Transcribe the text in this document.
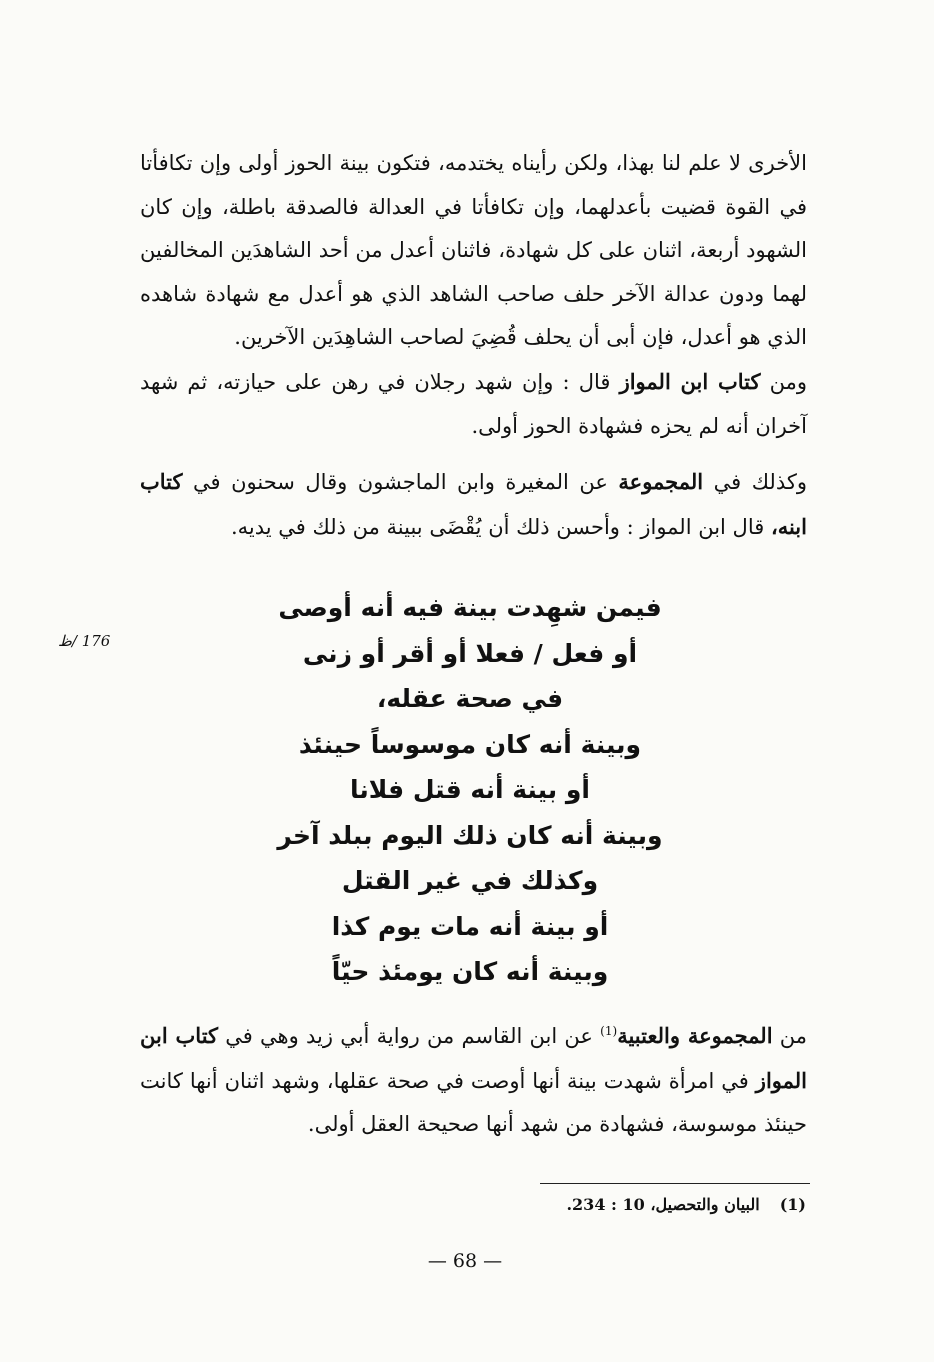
الأخرى لا علم لنا بهذا، ولكن رأيناه يختدمه، فتكون بينة الحوز أولى وإن تكافأتا في القوة قضيت بأعدلهما، وإن تكافأتا في العدالة فالصدقة باطلة، وإن كان الشهود أربعة، اثنان على كل شهادة، فاثنان أعدل من أحد الشاهدَين المخالفين لهما ودون عدالة الآخر حلف صاحب الشاهد الذي هو أعدل مع شهادة شاهده الذي هو أعدل، فإن أبى أن يحلف قُضِيَ لصاحب الشاهِدَين الآخرين.

ومن كتاب ابن المواز قال : وإن شهد رجلان في رهن على حيازته، ثم شهد آخران أنه لم يحزه فشهادة الحوز أولى.

وكذلك في المجموعة عن المغيرة وابن الماجشون وقال سحنون في كتاب ابنه، قال ابن المواز : وأحسن ذلك أن يُقْضَى ببينة من ذلك في يديه.

فيمن شهِدت بينة فيه أنه أوصى
أو فعل / فعلا أو أقر أو زنى
في صحة عقله،
وبينة أنه كان موسوساً حينئذ
أو بينة أنه قتل فلانا
وبينة أنه كان ذلك اليوم ببلد آخر
وكذلك في غير القتل
أو بينة أنه مات يوم كذا
وبينة أنه كان يومئذ حيّاً
176 /ظ

من المجموعة والعتبية$^{(1)}$ عن ابن القاسم من رواية أبي زيد وهي في كتاب ابن المواز في امرأة شهدت بينة أنها أوصت في صحة عقلها، وشهد اثنان أنها كانت حينئذ موسوسة، فشهادة من شهد أنها صحيحة العقل أولى.

(1)البيان والتحصيل، 10 : 234.
— 68 —
